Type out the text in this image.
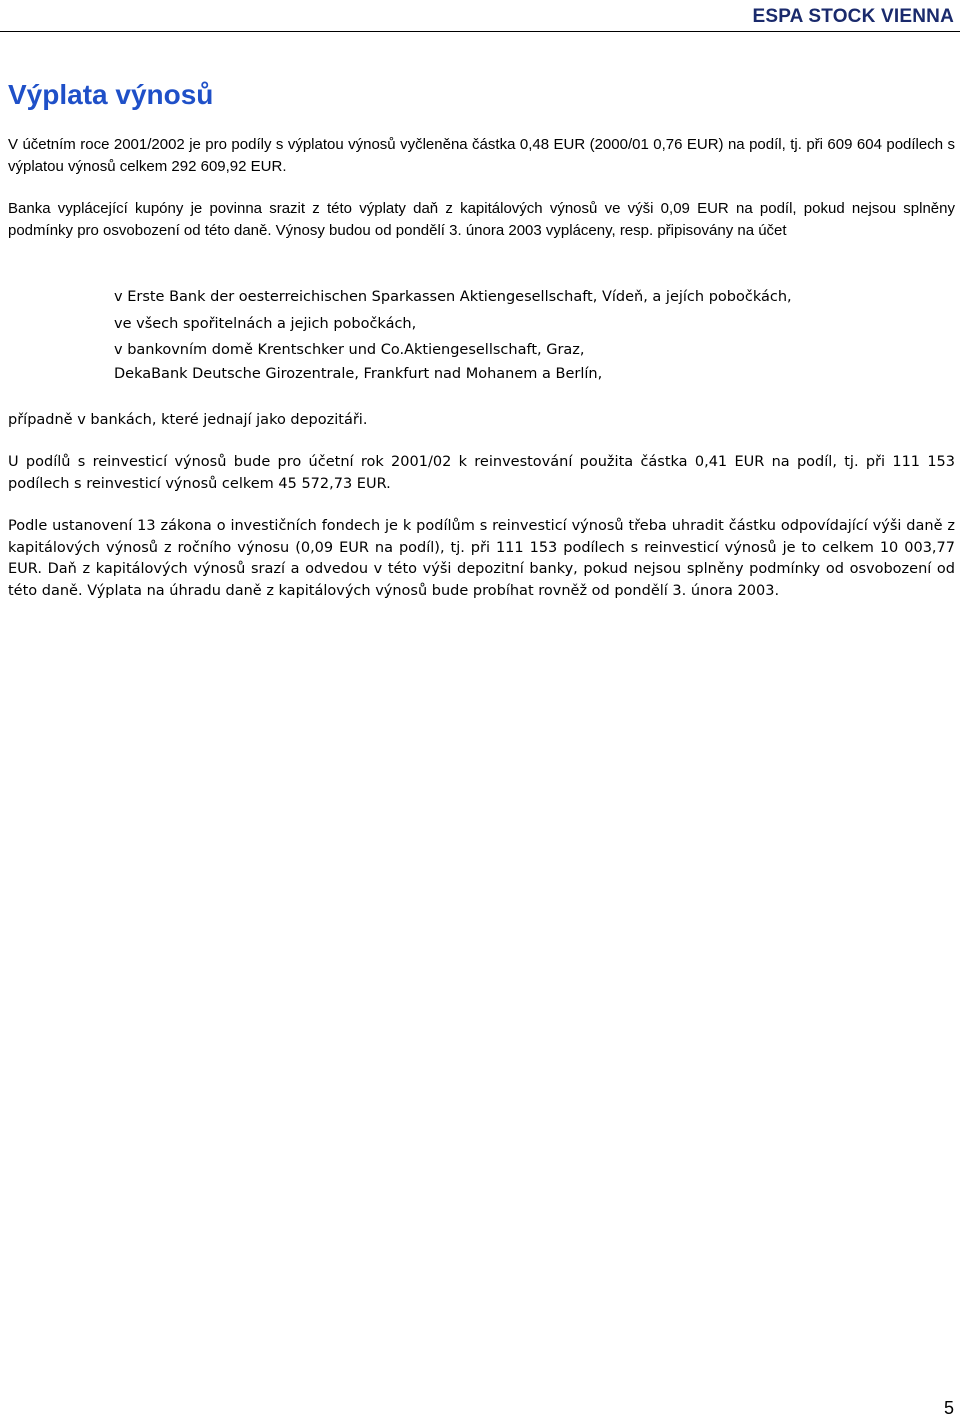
ESPA STOCK VIENNA
Výplata výnosů

V účetním roce 2001/2002 je pro podíly s výplatou výnosů vyčleněna částka 0,48 EUR (2000/01 0,76 EUR) na podíl, tj. při 609 604 podílech s výplatou výnosů celkem 292 609,92 EUR.

Banka vyplácející kupóny je povinna srazit z této výplaty daň z kapitálových výnosů ve výši 0,09 EUR na podíl, pokud nejsou splněny podmínky pro osvobození od této daně. Výnosy budou od pondělí 3. února 2003 vypláceny, resp. připisovány na účet

v Erste Bank der oesterreichischen Sparkassen Aktiengesellschaft, Vídeň, a jejích pobočkách,
ve všech spořitelnách a jejich pobočkách,
v bankovním domě Krentschker und Co.Aktiengesellschaft, Graz,
DekaBank Deutsche Girozentrale, Frankfurt nad Mohanem a Berlín,

případně v bankách, které jednají jako depozitáři.

U podílů s reinvesticí výnosů bude pro účetní rok 2001/02 k reinvestování použita částka 0,41 EUR na podíl, tj. při 111 153 podílech s reinvesticí výnosů celkem 45 572,73 EUR.

Podle ustanovení 13 zákona o investičních fondech je k podílům s reinvesticí výnosů třeba uhradit částku odpovídající výši daně z kapitálových výnosů z ročního výnosu (0,09 EUR na podíl), tj. při 111 153 podílech s reinvesticí výnosů je to celkem 10 003,77 EUR. Daň z kapitálových výnosů srazí a odvedou v této výši depozitní banky, pokud nejsou splněny podmínky od osvobození od této daně. Výplata na úhradu daně z kapitálových výnosů bude probíhat rovněž od pondělí 3. února 2003.

5
